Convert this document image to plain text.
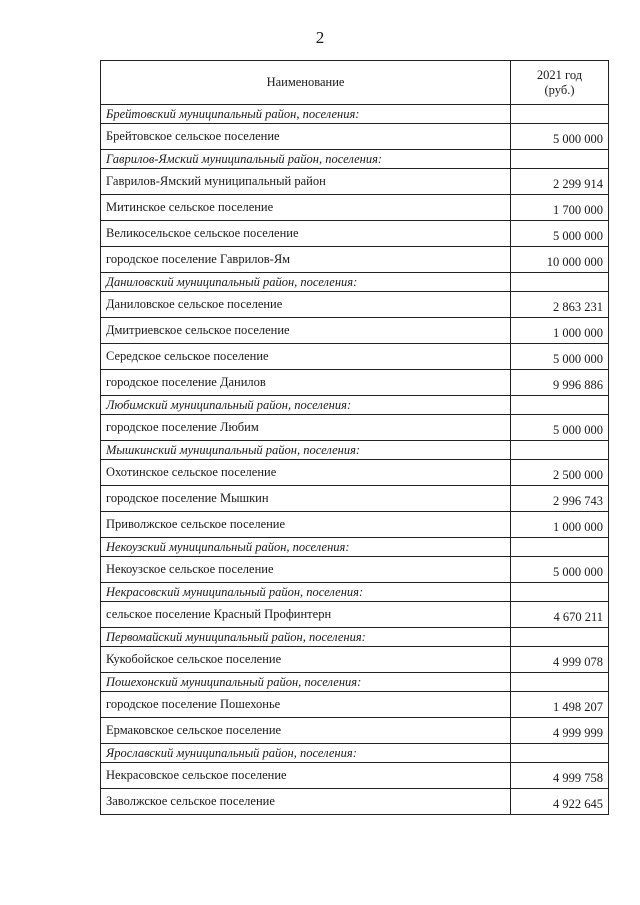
2
Наименование	2021 год
(руб.)
Брейтовский муниципальный район, поселения:	
Брейтовское сельское поселение	5 000 000
Гаврилов-Ямский муниципальный район, поселения:	
Гаврилов-Ямский муниципальный район	2 299 914
Митинское сельское поселение	1 700 000
Великосельское сельское поселение	5 000 000
городское поселение Гаврилов-Ям	10 000 000
Даниловский муниципальный район, поселения:	
Даниловское сельское поселение	2 863 231
Дмитриевское сельское поселение	1 000 000
Середское сельское поселение	5 000 000
городское поселение Данилов	9 996 886
Любимский муниципальный район, поселения:	
городское поселение Любим	5 000 000
Мышкинский муниципальный район, поселения:	
Охотинское сельское поселение	2 500 000
городское поселение Мышкин	2 996 743
Приволжское сельское поселение	1 000 000
Некоузский муниципальный район, поселения:	
Некоузское сельское поселение	5 000 000
Некрасовский муниципальный район, поселения:	
сельское поселение Красный Профинтерн	4 670 211
Первомайский муниципальный район, поселения:	
Кукобойское сельское поселение	4 999 078
Пошехонский муниципальный район, поселения:	
городское поселение Пошехонье	1 498 207
Ермаковское сельское поселение	4 999 999
Ярославский муниципальный район, поселения:	
Некрасовское сельское поселение	4 999 758
Заволжское сельское поселение	4 922 645
